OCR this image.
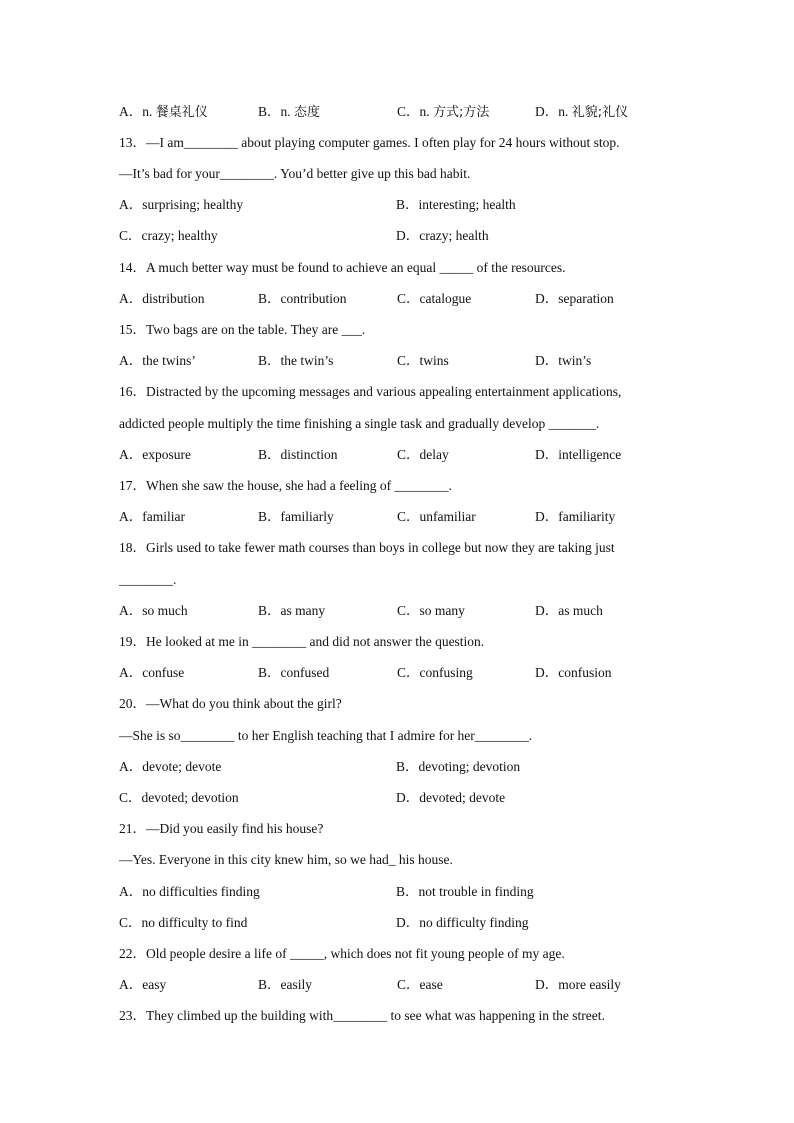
A．n. 餐桌礼仪	B．n. 态度	C．n. 方式;方法	D．n. 礼貌;礼仪
13．—I am________ about playing computer games. I often play for 24 hours without stop.
—It’s bad for your________. You’d better give up this bad habit.
A．surprising; healthy	B．interesting; health
C．crazy; healthy	D．crazy; health
14．A much better way must be found to achieve an equal _____ of the resources.
A．distribution	B．contribution	C．catalogue	D．separation
15．Two bags are on the table. They are ___.
A．the twins’	B．the twin’s	C．twins	D．twin’s
16．Distracted by the upcoming messages and various appealing entertainment applications,
addicted people multiply the time finishing a single task and gradually develop _______.
A．exposure	B．distinction	C．delay	D．intelligence
17．When she saw the house, she had a feeling of ________.
A．familiar	B．familiarly	C．unfamiliar	D．familiarity
18．Girls used to take fewer math courses than boys in college but now they are taking just
________.
A．so much	B．as many	C．so many	D．as much
19．He looked at me in ________ and did not answer the question.
A．confuse	B．confused	C．confusing	D．confusion
20．—What do you think about the girl?
—She is so________ to her English teaching that I admire for her________.
A．devote; devote	B．devoting; devotion
C．devoted; devotion	D．devoted; devote
21．—Did you easily find his house?
—Yes. Everyone in this city knew him, so we had_ his house.
A．no difficulties finding	B．not trouble in finding
C．no difficulty to find	D．no difficulty finding
22．Old people desire a life of _____, which does not fit young people of my age.
A．easy	B．easily	C．ease	D．more easily
23．They climbed up the building with________ to see what was happening in the street.
